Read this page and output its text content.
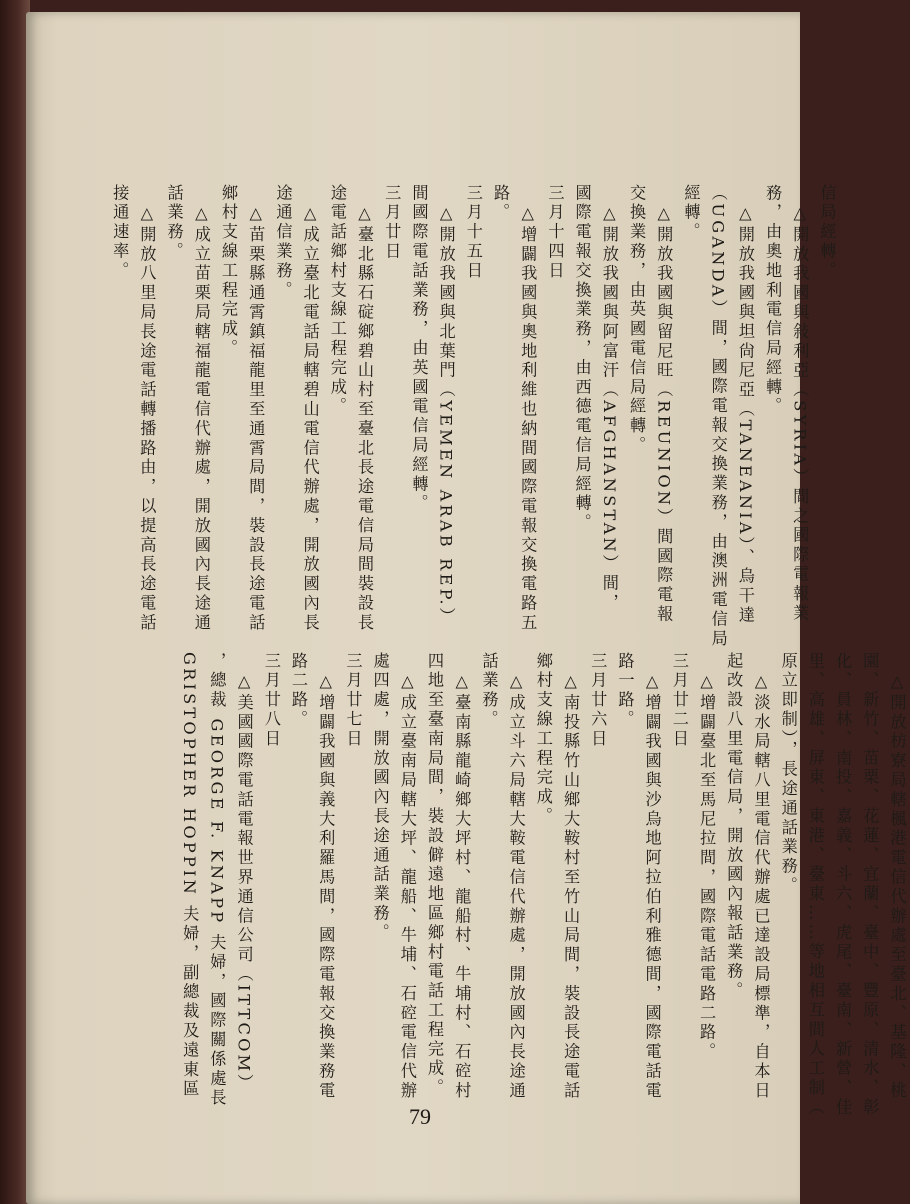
　△開放枋寮局轄楓港電信代辦處至臺北、基隆、桃
園、新竹、苗栗、花蓮、宜蘭、臺中、豐原、清水、彰
化、員林、南投、嘉義、斗六、虎尾、臺南、新營、佳
里、高雄、屏東、東港、臺東……等地相互間人工制（
原立即制），長途通話業務。
　△淡水局轄八里電信代辦處已達設局標準，自本日
起改設八里電信局，開放國內報話業務。
　△增闢臺北至馬尼拉間，國際電話電路二路。
三月廿二日
　△增闢我國與沙烏地阿拉伯利雅德間，國際電話電
路一路。
三月廿六日
　△南投縣竹山鄉大鞍村至竹山局間，裝設長途電話
鄉村支線工程完成。
　△成立斗六局轄大鞍電信代辦處，開放國內長途通
話業務。
　△臺南縣龍崎鄉大坪村、龍船村、牛埔村、石硿村
四地至臺南局間，裝設僻遠地區鄉村電話工程完成。
　△成立臺南局轄大坪、龍船、牛埔、石硿電信代辦
處四處，開放國內長途通話業務。
三月廿七日
　△增闢我國與義大利羅馬間，國際電報交換業務電
路二路。
三月廿八日
　△美國國際電話電報世界通信公司（ITTCOM）
，總裁 GEORGE F. KNAPP 夫婦，國際關係處長
GRISTOPHER HOPPIN 夫婦，副總裁及遠東區
信局經轉。
　△開放我國與敍利亞（SYRIA）間之國際電報業
務，由奧地利電信局經轉。
　△開放我國與坦尙尼亞（TANEANIA）、烏干達
（UGANDA）間，國際電報交換業務，由澳洲電信局
經轉。
　△開放我國與留尼旺（REUNION）間國際電報
交換業務，由英國電信局經轉。
　△開放我國與阿富汗（AFGHANSTAN）間，
國際電報交換業務，由西德電信局經轉。
三月十四日
　△增闢我國與奧地利維也納間國際電報交換電路五
路。
三月十五日
　△開放我國與北葉門（YEMEN ARAB REP.）
間國際電話業務，由英國電信局經轉。
三月廿日
　△臺北縣石碇鄉碧山村至臺北長途電信局間裝設長
途電話鄉村支線工程完成。
　△成立臺北電話局轄碧山電信代辦處，開放國內長
途通信業務。
　△苗栗縣通霄鎮福龍里至通霄局間，裝設長途電話
鄉村支線工程完成。
　△成立苗栗局轄福龍電信代辦處，開放國內長途通
話業務。
　△開放八里局長途電話轉播路由，以提高長途電話
接通速率。
79
